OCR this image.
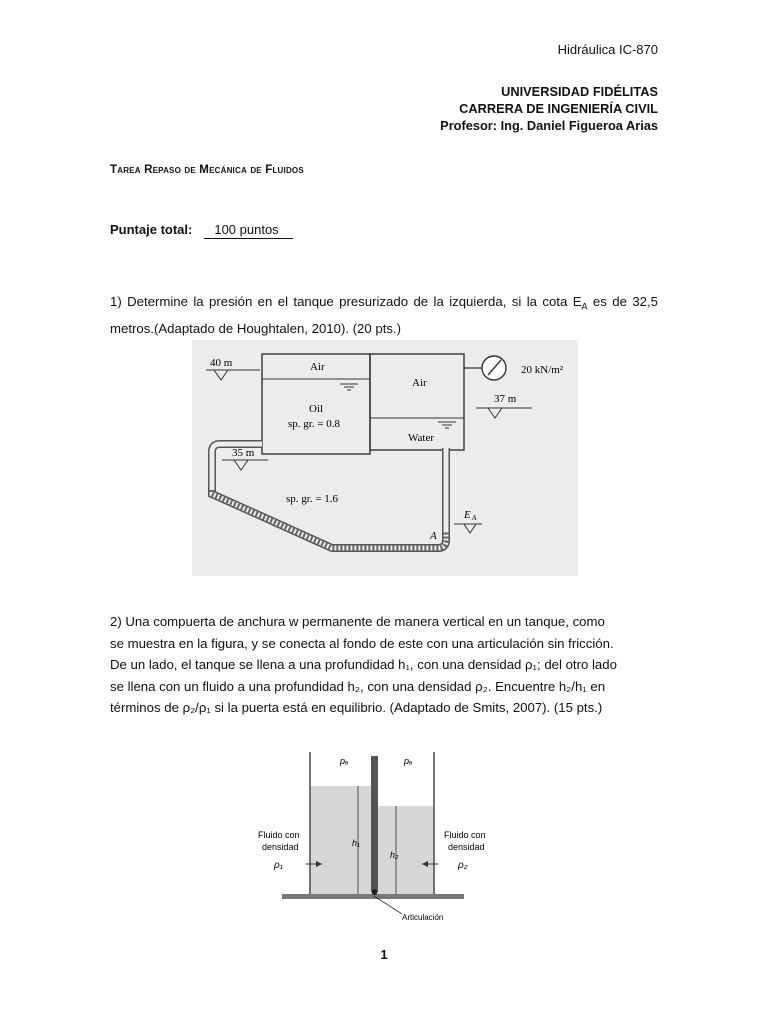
Hidráulica IC-870
UNIVERSIDAD FIDÉLITAS
CARRERA DE INGENIERÍA CIVIL
Profesor: Ing. Daniel Figueroa Arias
Tarea Repaso de Mecánica de Fluidos
Puntaje total: 100 puntos
1) Determine la presión en el tanque presurizado de la izquierda, si la cota $E_A$ es de 32,5 metros.(Adaptado de Houghtalen, 2010). (20 pts.)
40 m	Air
Air
Oil
sp. gr. = 0.8
Water
20 kN/m²
37 m
35 m
sp. gr. = 1.6
E A
A
2) Una compuerta de anchura w permanente de manera vertical en un tanque, como
se muestra en la figura, y se conecta al fondo de este con una articulación sin fricción.
De un lado, el tanque se llena a una profundidad h₁, con una densidad ρ₁; del otro lado
se llena con un fluido a una profundidad h₂, con una densidad ρ₂. Encuentre h₂/h₁ en
términos de ρ₂/ρ₁ si la puerta está en equilibrio. (Adaptado de Smits, 2007). (15 pts.)
pₐ	pₐ
h₁
h₂
Fluido con
densidad
ρ₁
Fluido con
densidad
ρ₂
Articulación
1
